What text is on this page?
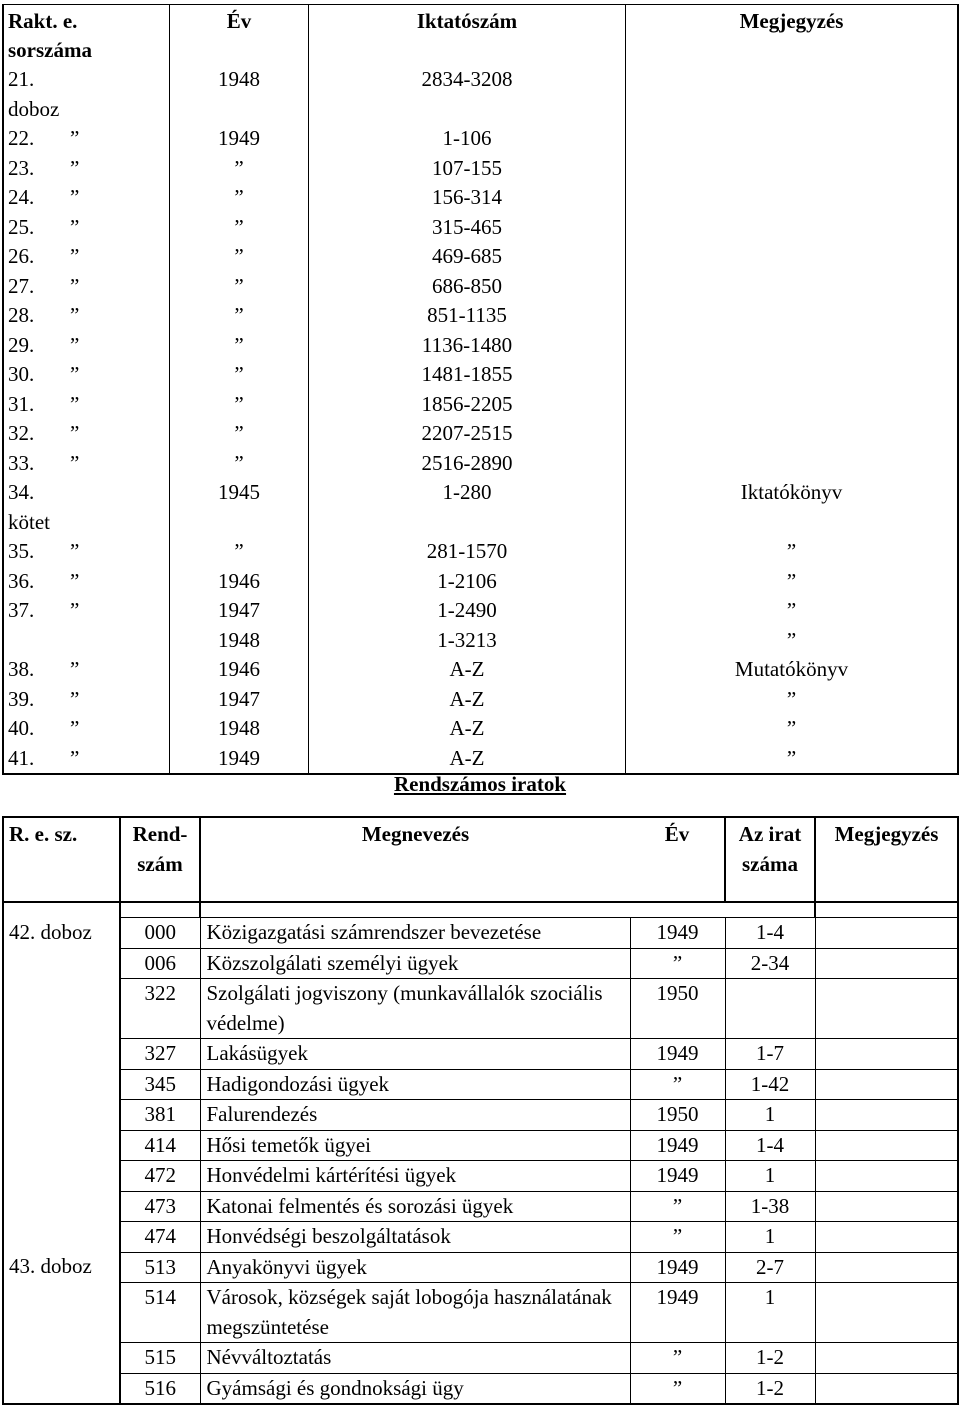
Rakt. e. sorszáma	Év	Iktatószám	Megjegyzés
21. doboz	1948	2834-3208	
22. ”	1949	1-106	
23. ”	”	107-155	
24. ”	”	156-314	
25. ”	”	315-465	
26. ”	”	469-685	
27. ”	”	686-850	
28. ”	”	851-1135	
29. ”	”	1136-1480	
30. ”	”	1481-1855	
31. ”	”	1856-2205	
32. ”	”	2207-2515	
33. ”	”	2516-2890	
34. kötet	1945	1-280	Iktatókönyv
35. ”	”	281-1570	”
36. ”	1946	1-2106	”
37. ”	1947	1-2490	”
	1948	1-3213	”
38. ”	1946	A-Z	Mutatókönyv
39. ”	1947	A-Z	”
40. ”	1948	A-Z	”
41. ”	1949	A-Z	”
Rendszámos iratok
R. e. sz.	Rend-szám	Megnevezés	Év	Az irat száma	Megjegyzés

42. doboz	000	Közigazgatási számrendszer bevezetése	1949	1-4	
	006	Közszolgálati személyi ügyek	”	2-34	
	322	Szolgálati jogviszony (munkavállalók szociális védelme)	1950		
	327	Lakásügyek	1949	1-7	
	345	Hadigondozási ügyek	”	1-42	
	381	Falurendezés	1950	1	
	414	Hősi temetők ügyei	1949	1-4	
	472	Honvédelmi kártérítési ügyek	1949	1	
	473	Katonai felmentés és sorozási ügyek	”	1-38	
	474	Honvédségi beszolgáltatások	”	1	
43. doboz	513	Anyakönyvi ügyek	1949	2-7	
	514	Városok, községek saját lobogója használatának megszüntetése	1949	1	
	515	Névváltoztatás	”	1-2	
	516	Gyámsági és gondnoksági ügy	”	1-2	
